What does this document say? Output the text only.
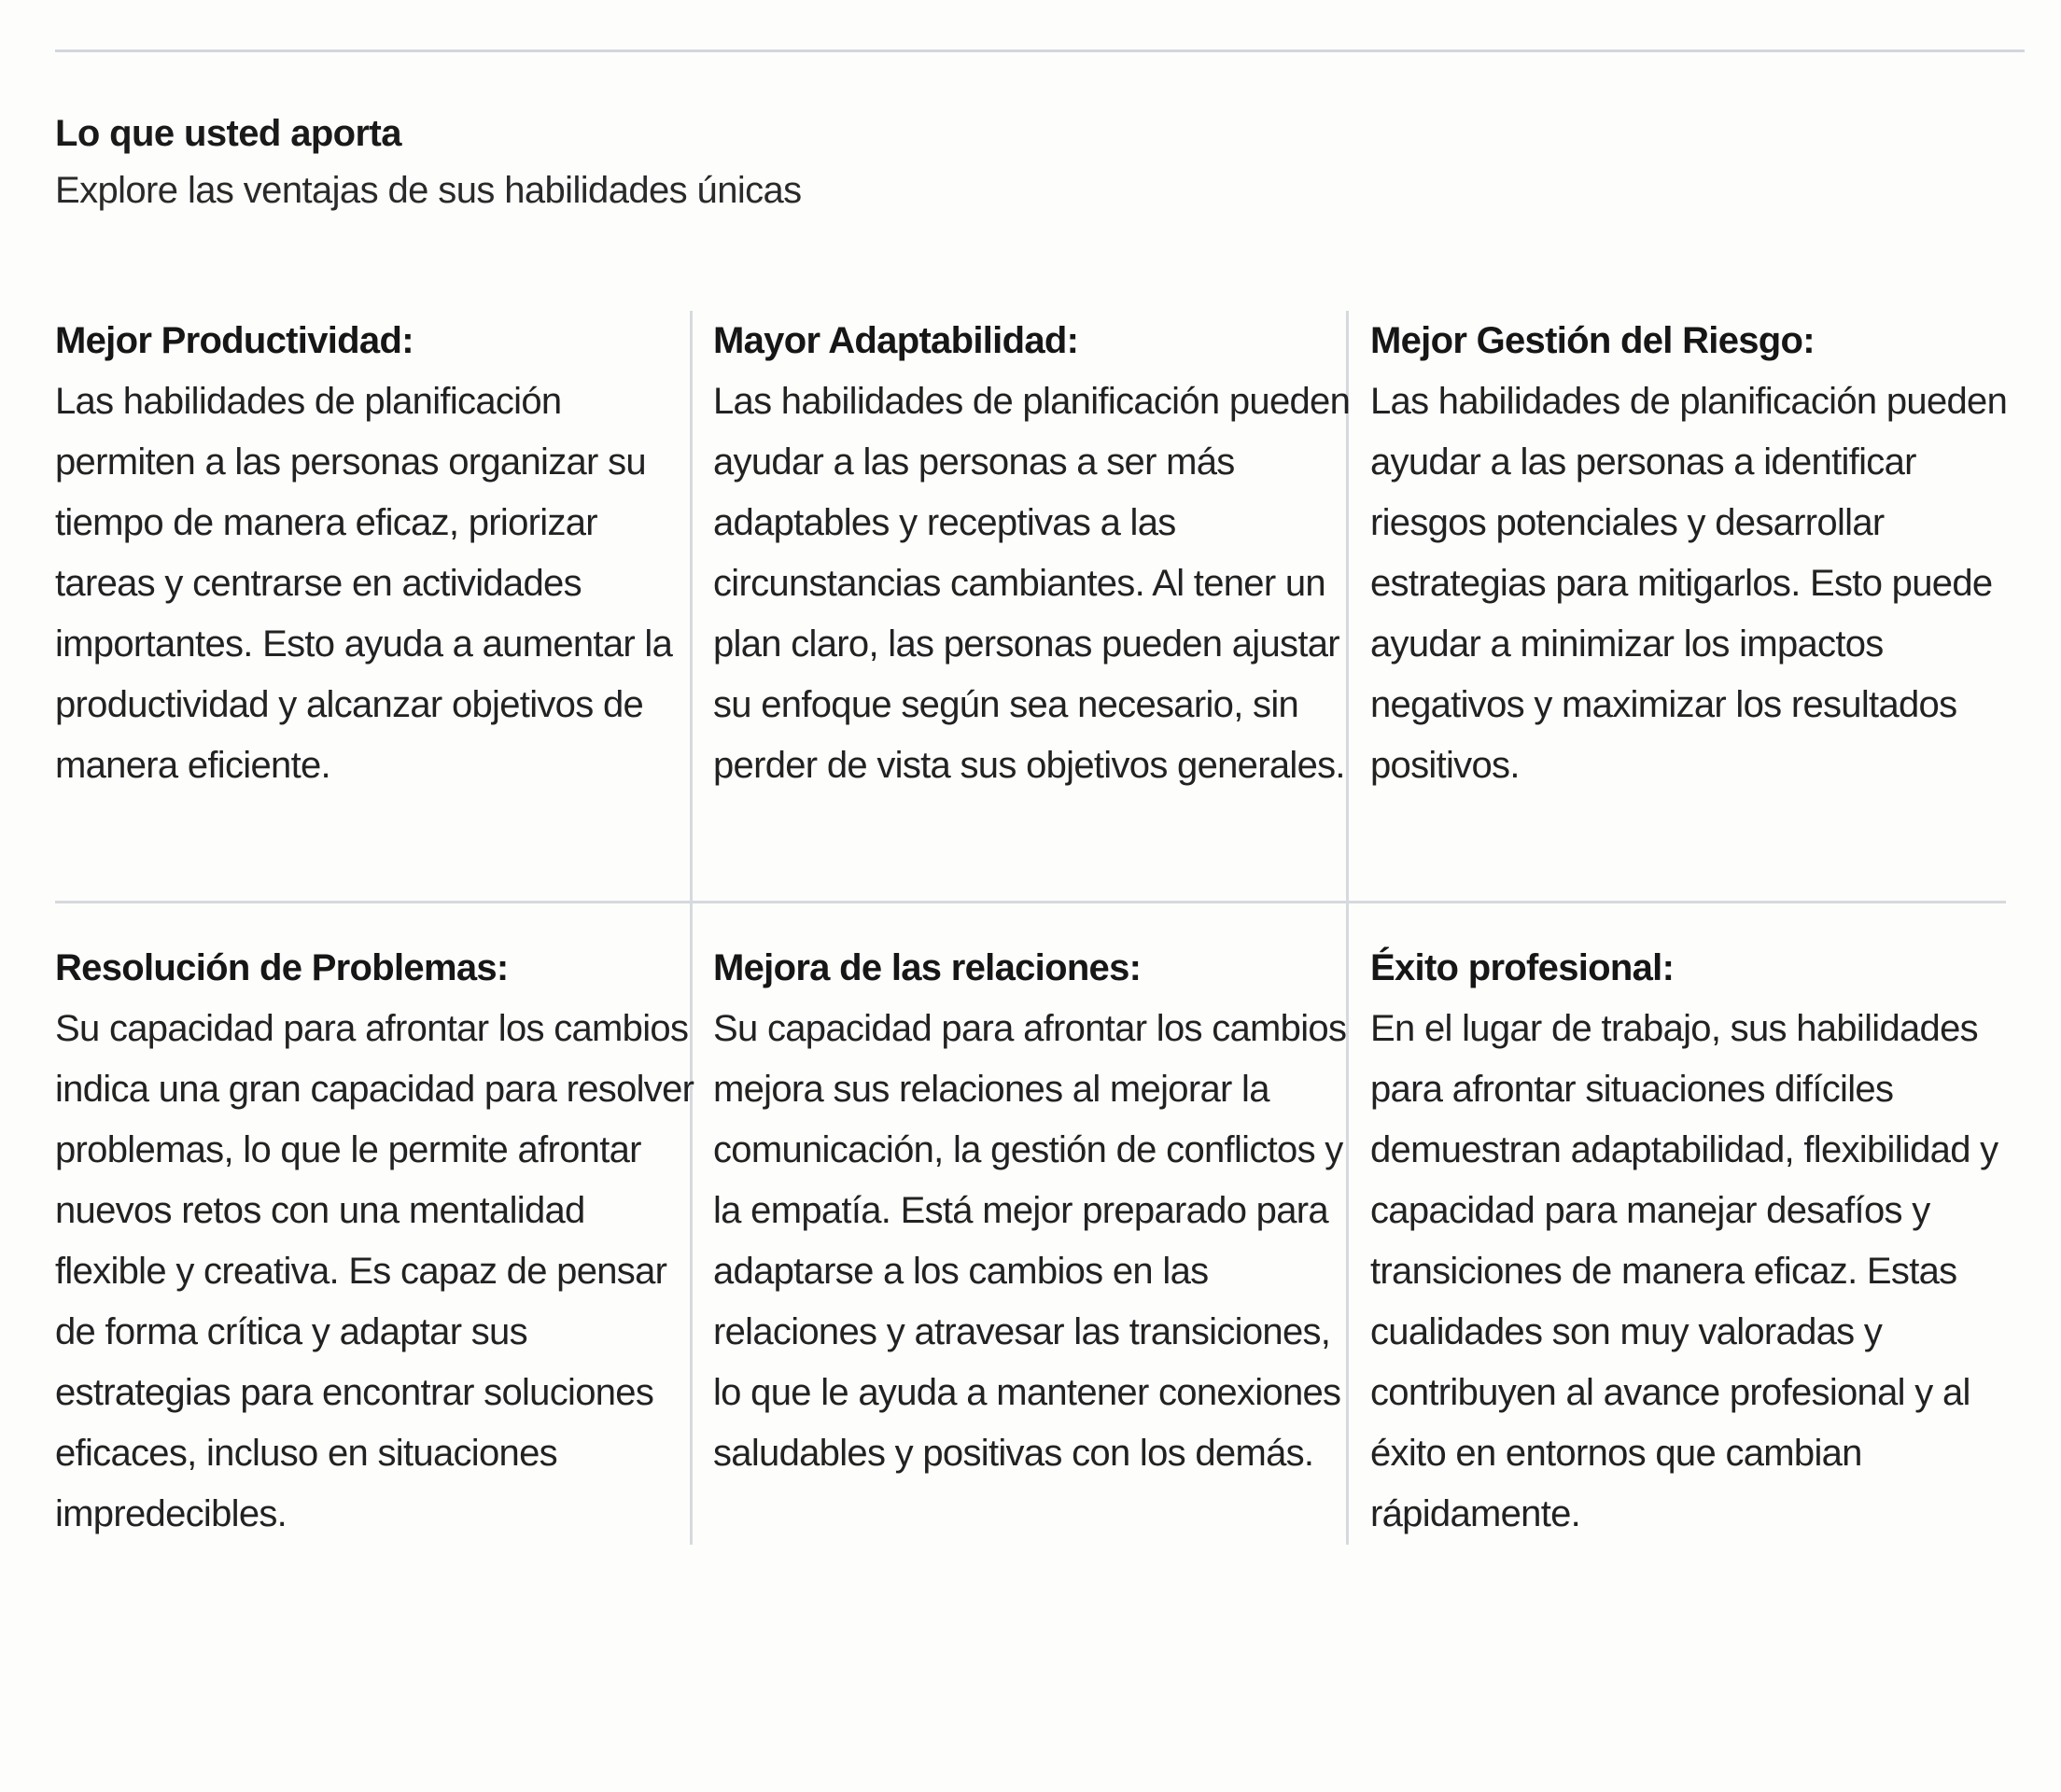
Lo que usted aporta
Explore las ventajas de sus habilidades únicas
Mejor Productividad:

Las habilidades de planificación permiten a las personas organizar su tiempo de manera eficaz, priorizar tareas y centrarse en actividades importantes. Esto ayuda a aumentar la productividad y alcanzar objetivos de manera eficiente.

Mayor Adaptabilidad:

Las habilidades de planificación pueden ayudar a las personas a ser más adaptables y receptivas a las circunstancias cambiantes. Al tener un plan claro, las personas pueden ajustar su enfoque según sea necesario, sin perder de vista sus objetivos generales.

Mejor Gestión del Riesgo:

Las habilidades de planificación pueden ayudar a las personas a identificar riesgos potenciales y desarrollar estrategias para mitigarlos. Esto puede ayudar a minimizar los impactos negativos y maximizar los resultados positivos.

Resolución de Problemas:

Su capacidad para afrontar los cambios indica una gran capacidad para resolver problemas, lo que le permite afrontar nuevos retos con una mentalidad flexible y creativa. Es capaz de pensar de forma crítica y adaptar sus estrategias para encontrar soluciones eficaces, incluso en situaciones impredecibles.

Mejora de las relaciones:

Su capacidad para afrontar los cambios mejora sus relaciones al mejorar la comunicación, la gestión de conflictos y la empatía. Está mejor preparado para adaptarse a los cambios en las relaciones y atravesar las transiciones, lo que le ayuda a mantener conexiones saludables y positivas con los demás.

Éxito profesional:

En el lugar de trabajo, sus habilidades para afrontar situaciones difíciles demuestran adaptabilidad, flexibilidad y capacidad para manejar desafíos y transiciones de manera eficaz. Estas cualidades son muy valoradas y contribuyen al avance profesional y al éxito en entornos que cambian rápidamente.
